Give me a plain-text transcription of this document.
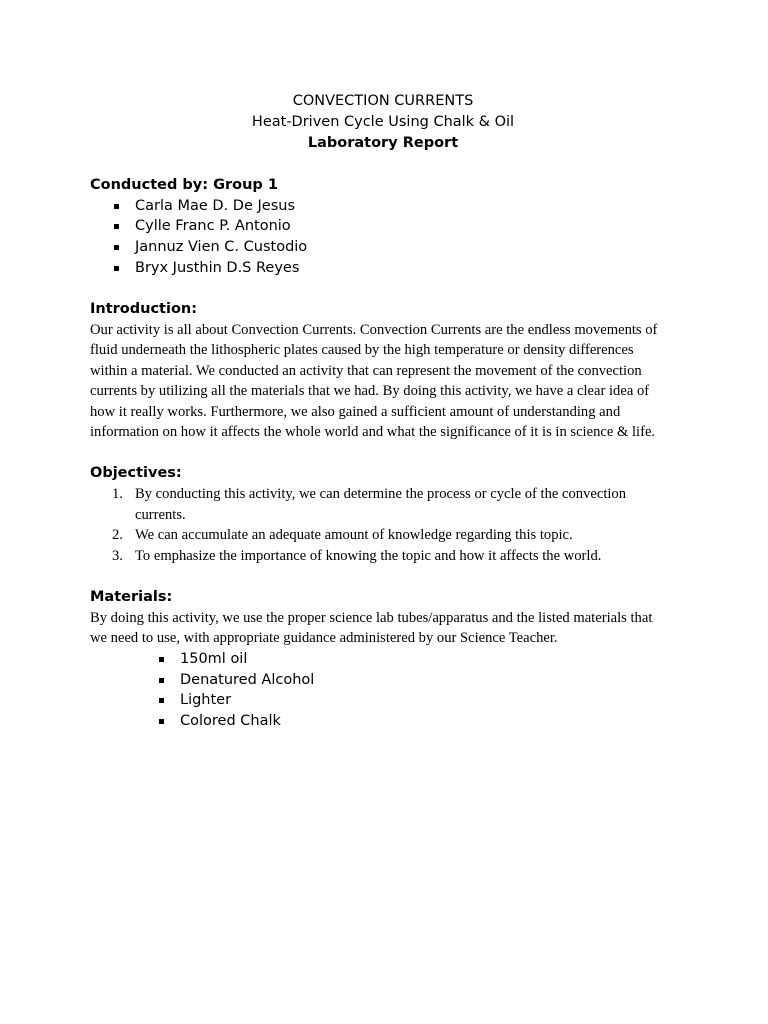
CONVECTION CURRENTS
Heat-Driven Cycle Using Chalk & Oil
Laboratory Report
Conducted by: Group 1
Carla Mae D. De Jesus
Cylle Franc P. Antonio
Jannuz Vien C. Custodio
Bryx Justhin D.S Reyes
Introduction:
Our activity is all about Convection Currents. Convection Currents are the endless movements of
fluid underneath the lithospheric plates caused by the high temperature or density differences
within a material. We conducted an activity that can represent the movement of the convection
currents by utilizing all the materials that we had. By doing this activity, we have a clear idea of
how it really works. Furthermore, we also gained a sufficient amount of understanding and
information on how it affects the whole world and what the significance of it is in science & life.
Objectives:
1. By conducting this activity, we can determine the process or cycle of the convection
currents.
2. We can accumulate an adequate amount of knowledge regarding this topic.
3. To emphasize the importance of knowing the topic and how it affects the world.
Materials:
By doing this activity, we use the proper science lab tubes/apparatus and the listed materials that
we need to use, with appropriate guidance administered by our Science Teacher.
150ml oil
Denatured Alcohol
Lighter
Colored Chalk
